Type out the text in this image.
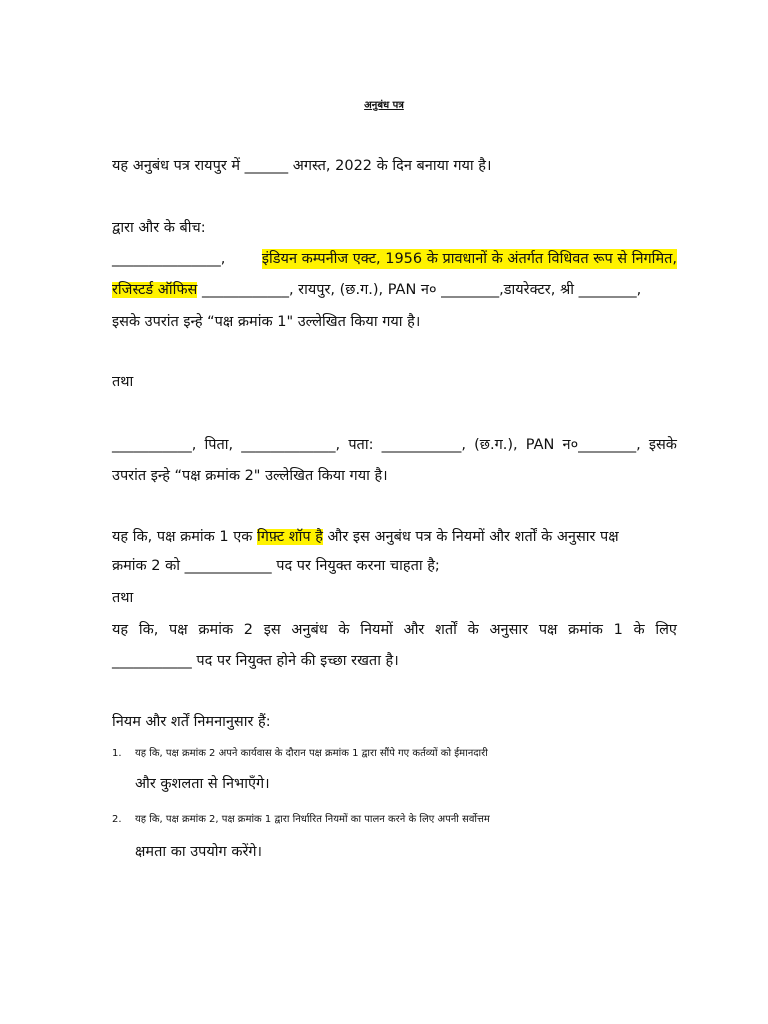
अनुबंध पत्र
यह अनुबंध पत्र रायपुर में ______ अगस्त, 2022 के दिन बनाया गया है।
द्वारा और के बीच:
_______________,	इंडियन कम्पनीज एक्ट, 1956 के प्रावधानों के अंतर्गत विधिवत रूप से निगमित,
रजिस्टर्ड ऑफिस ____________, रायपुर, (छ.ग.), PAN न० ________,डायरेक्टर, श्री ________,
इसके उपरांत इन्हे “पक्ष क्रमांक 1" उल्लेखित किया गया है।
तथा
___________, पिता, _____________, पता: ___________, (छ.ग.), PAN न०________, इसके
उपरांत इन्हे “पक्ष क्रमांक 2" उल्लेखित किया गया है।
यह कि, पक्ष क्रमांक 1 एक गिफ़्ट शॉप है और इस अनुबंध पत्र के नियमों और शर्तों के अनुसार पक्ष
क्रमांक 2 को ____________ पद पर नियुक्त करना चाहता है;
तथा
यह कि, पक्ष क्रमांक 2 इस अनुबंध के नियमों और शर्तों के अनुसार पक्ष क्रमांक 1 के लिए
___________ पद पर नियुक्त होने की इच्छा रखता है।
नियम और शर्तें निमनानुसार हैं:
1.	यह कि, पक्ष क्रमांक 2 अपने कार्यवास के दौरान पक्ष क्रमांक 1 द्वारा सौंपे गए कर्तव्यों को ईमानदारी
और कुशलता से निभाएँगे।
2.	यह कि, पक्ष क्रमांक 2, पक्ष क्रमांक 1 द्वारा निर्धारित नियमों का पालन करने के लिए अपनी सर्वोत्तम
क्षमता का उपयोग करेंगे।
